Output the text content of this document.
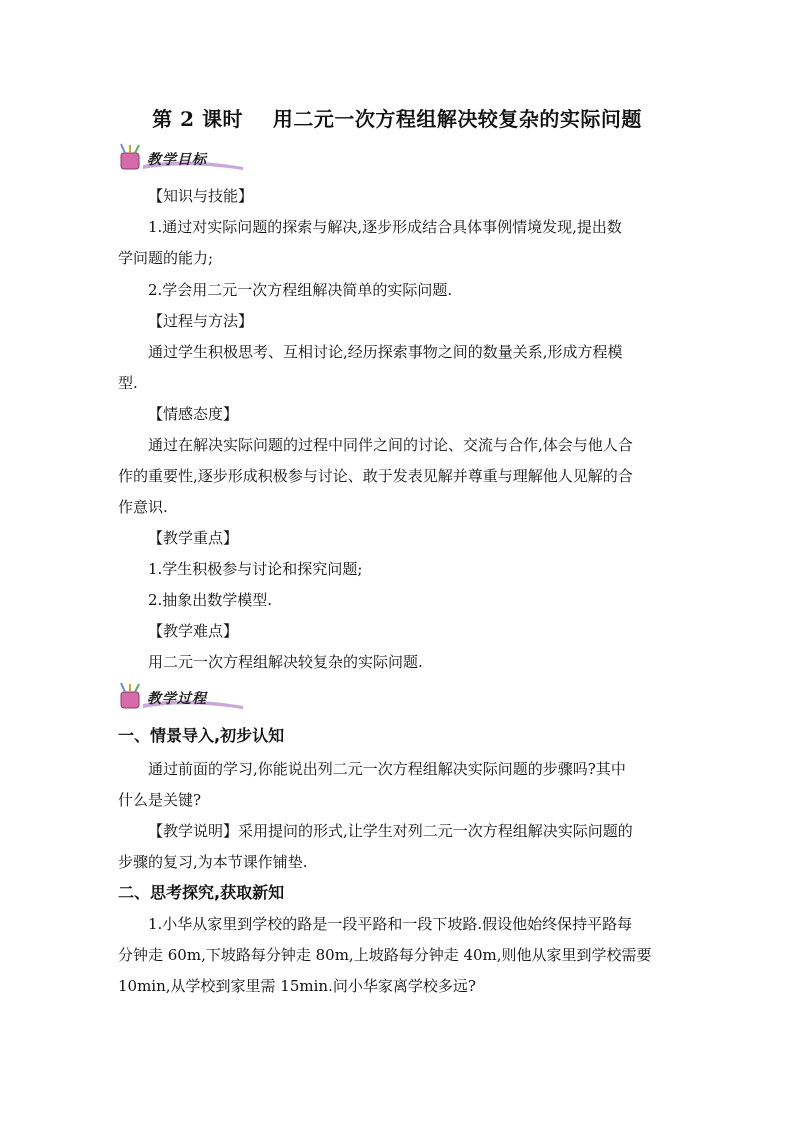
第 2 课时    用二元一次方程组解决较复杂的实际问题
教学目标
【知识与技能】
1.通过对实际问题的探索与解决,逐步形成结合具体事例情境发现,提出数
学问题的能力;
2.学会用二元一次方程组解决简单的实际问题.
【过程与方法】
通过学生积极思考、互相讨论,经历探索事物之间的数量关系,形成方程模
型.
【情感态度】
通过在解决实际问题的过程中同伴之间的讨论、交流与合作,体会与他人合
作的重要性,逐步形成积极参与讨论、敢于发表见解并尊重与理解他人见解的合
作意识.
【教学重点】
1.学生积极参与讨论和探究问题;
2.抽象出数学模型.
【教学难点】
用二元一次方程组解决较复杂的实际问题.
教学过程
一、情景导入,初步认知
通过前面的学习,你能说出列二元一次方程组解决实际问题的步骤吗?其中
什么是关键?
【教学说明】采用提问的形式,让学生对列二元一次方程组解决实际问题的
步骤的复习,为本节课作铺垫.
二、思考探究,获取新知
1.小华从家里到学校的路是一段平路和一段下坡路.假设他始终保持平路每
分钟走 60m,下坡路每分钟走 80m,上坡路每分钟走 40m,则他从家里到学校需要
10min,从学校到家里需 15min.问小华家离学校多远?
